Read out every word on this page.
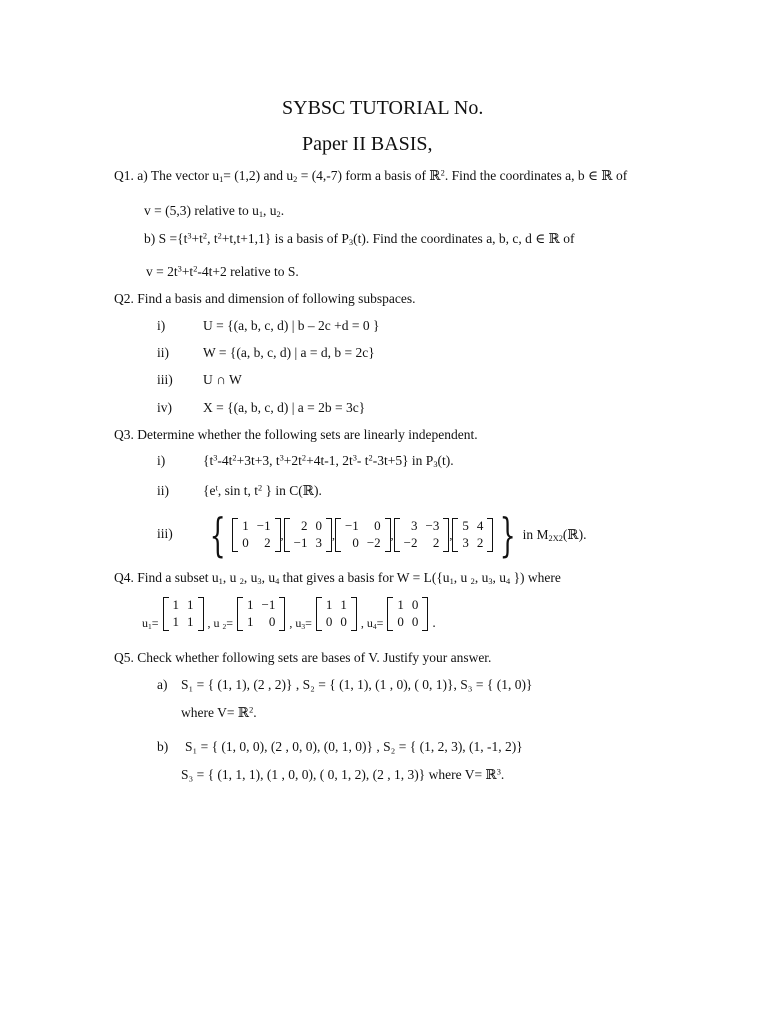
SYBSC TUTORIAL No.
Paper II BASIS,
Q1. a) The vector $u_1= (1,2)$ and $u_2 = (4,-7)$ form a basis of ℝ$^2$. Find the coordinates a, b ∈ ℝ of
v = (5,3) relative to $u_1$, $u_2$.
b) $S =\{t^3+t^2$, $t^2+t,t+1,1$} is a basis of $P_3(t)$. Find the coordinates a, b, c, d ∈ ℝ of
$v = 2t^3+t^2-4t+2$ relative to S.
Q2. Find a basis and dimension of following subspaces.
i)	U = {(a, b, c, d) | b – 2c +d = 0 }
ii)	W = {(a, b, c, d) | a = d, b = 2c}
iii) U ∩ W
iv) X = {(a, b, c, d) | a = 2b = 3c}
Q3. Determine whether the following sets are linearly independent.
i)	{$t^3-4t^2+3t+3$, $t^3+2t^2+4t-1$, $2t^3-$ $t^2-3t+5$} in $P_3(t)$.
ii)	{$e^t$, sin t, $t^2$ } in C(ℝ).
iii) { 1	−1
0	2
,
2	0
−1	3
,
−1	0
0	−2
,
3	−3
−2	2
,
5	4
3	2 } in $M_{2X2}(ℝ)$.
Q4. Find a subset $u_1$, u $_2$, $u_3$, $u_4$ that gives a basis for $W = L(\{u_1$, u $_2$, $u_3$, $u_4$ }) where
$u_1=$
1	1
1	1 , u $_2$=
1	−1
1	0 , $u_3=$
1	1
0	0 , $u_4=$
1	0
0	0 .
Q5. Check whether following sets are bases of V. Justify your answer.
a) S₁ = { (1, 1), (2 , 2)} , S₂ = { (1, 1), (1 , 0), ( 0, 1)}, S₃ = { (1, 0)}
where V= ℝ$^2$.
b) S₁ = { (1, 0, 0), (2 , 0, 0), (0, 1, 0)} , S₂ = { (1, 2, 3), (1, -1, 2)}
S₃ = { (1, 1, 1), (1 , 0, 0), ( 0, 1, 2), (2 , 1, 3)} where V= ℝ$^3$.
